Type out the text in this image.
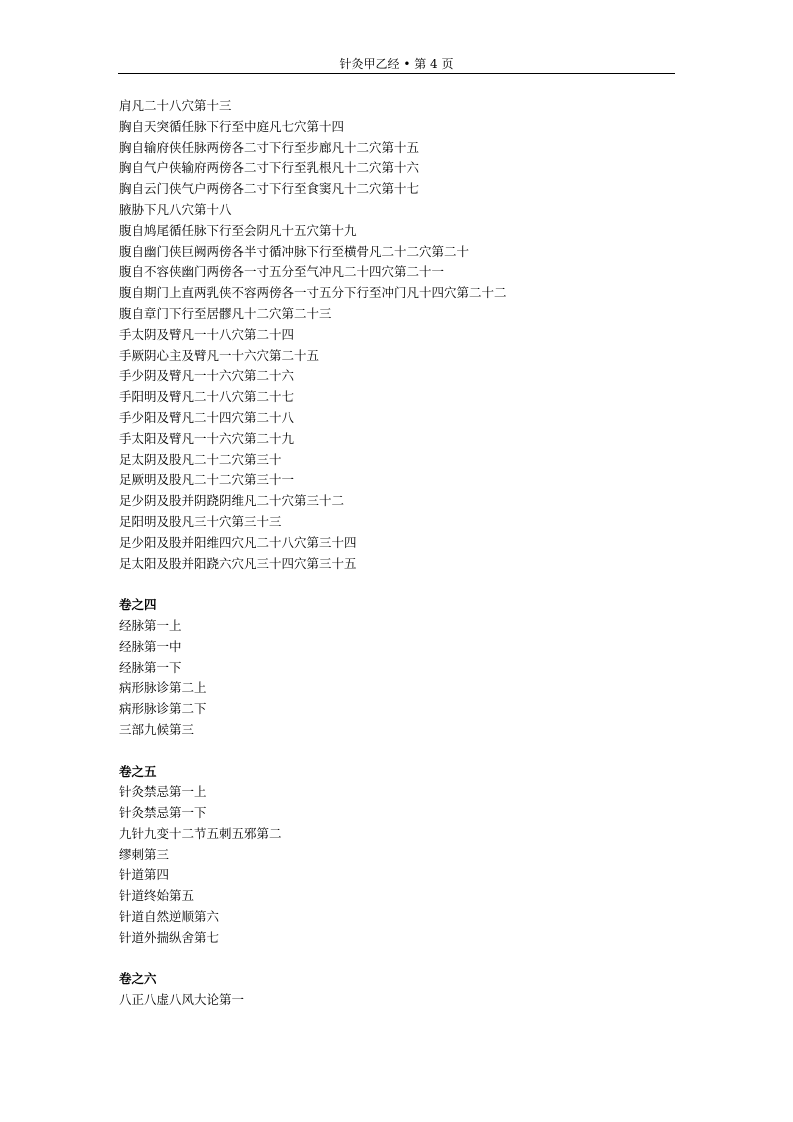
针灸甲乙经 • 第 4 页
肩凡二十八穴第十三
胸自天突循任脉下行至中庭凡七穴第十四
胸自输府侠任脉两傍各二寸下行至步廊凡十二穴第十五
胸自气户侠输府两傍各二寸下行至乳根凡十二穴第十六
胸自云门侠气户两傍各二寸下行至食窦凡十二穴第十七
腋胁下凡八穴第十八
腹自鸠尾循任脉下行至会阴凡十五穴第十九
腹自幽门侠巨阙两傍各半寸循冲脉下行至横骨凡二十二穴第二十
腹自不容侠幽门两傍各一寸五分至气冲凡二十四穴第二十一
腹自期门上直两乳侠不容两傍各一寸五分下行至冲门凡十四穴第二十二
腹自章门下行至居髎凡十二穴第二十三
手太阴及臂凡一十八穴第二十四
手厥阴心主及臂凡一十六穴第二十五
手少阴及臂凡一十六穴第二十六
手阳明及臂凡二十八穴第二十七
手少阳及臂凡二十四穴第二十八
手太阳及臂凡一十六穴第二十九
足太阴及股凡二十二穴第三十
足厥明及股凡二十二穴第三十一
足少阴及股并阴跷阴维凡二十穴第三十二
足阳明及股凡三十穴第三十三
足少阳及股并阳维四穴凡二十八穴第三十四
足太阳及股并阳跷六穴凡三十四穴第三十五
卷之四
经脉第一上
经脉第一中
经脉第一下
病形脉诊第二上
病形脉诊第二下
三部九候第三
卷之五
针灸禁忌第一上
针灸禁忌第一下
九针九变十二节五刺五邪第二
缪刺第三
针道第四
针道终始第五
针道自然逆顺第六
针道外揣纵舍第七
卷之六
八正八虚八风大论第一
